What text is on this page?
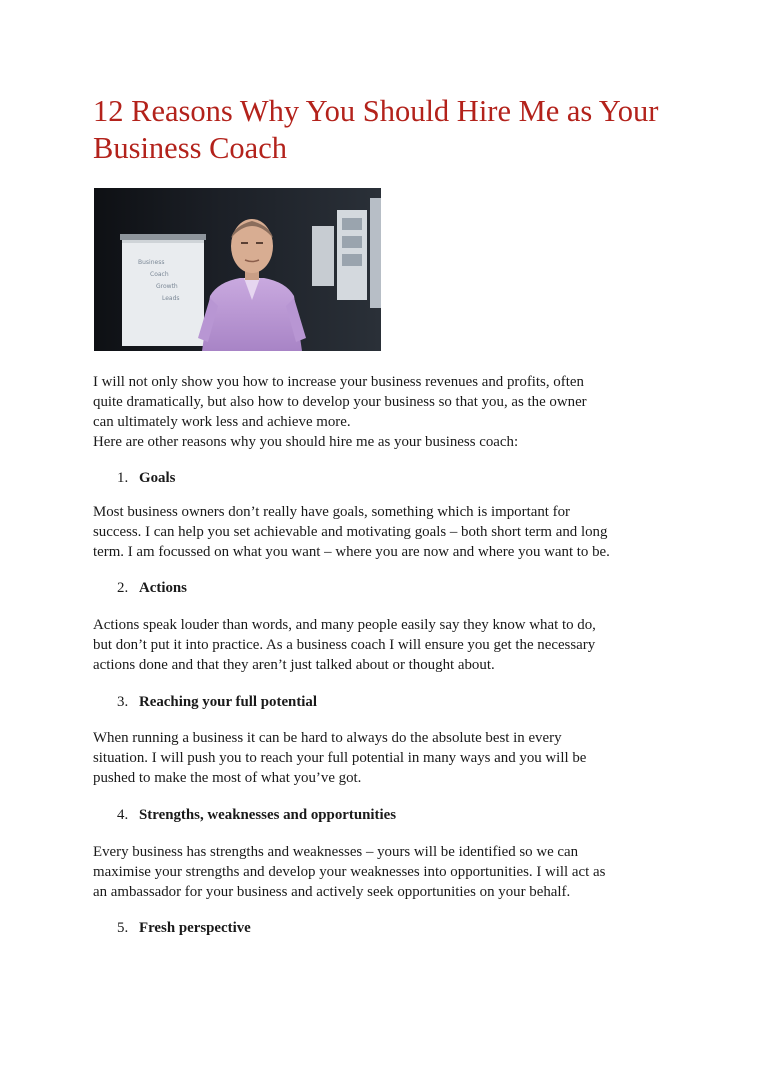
12 Reasons Why You Should Hire Me as Your
Business Coach
Business
Coach
Growth
Leads

I will not only show you how to increase your business revenues and profits, often
quite dramatically, but also how to develop your business so that you, as the owner
can ultimately work less and achieve more.
Here are other reasons why you should hire me as your business coach:

1. Goals

Most business owners don’t really have goals, something which is important for
success. I can help you set achievable and motivating goals – both short term and long
term. I am focussed on what you want – where you are now and where you want to be.

2. Actions

Actions speak louder than words, and many people easily say they know what to do,
but don’t put it into practice. As a business coach I will ensure you get the necessary
actions done and that they aren’t just talked about or thought about.

3. Reaching your full potential

When running a business it can be hard to always do the absolute best in every
situation. I will push you to reach your full potential in many ways and you will be
pushed to make the most of what you’ve got.

4. Strengths, weaknesses and opportunities

Every business has strengths and weaknesses – yours will be identified so we can
maximise your strengths and develop your weaknesses into opportunities. I will act as
an ambassador for your business and actively seek opportunities on your behalf.

5. Fresh perspective
